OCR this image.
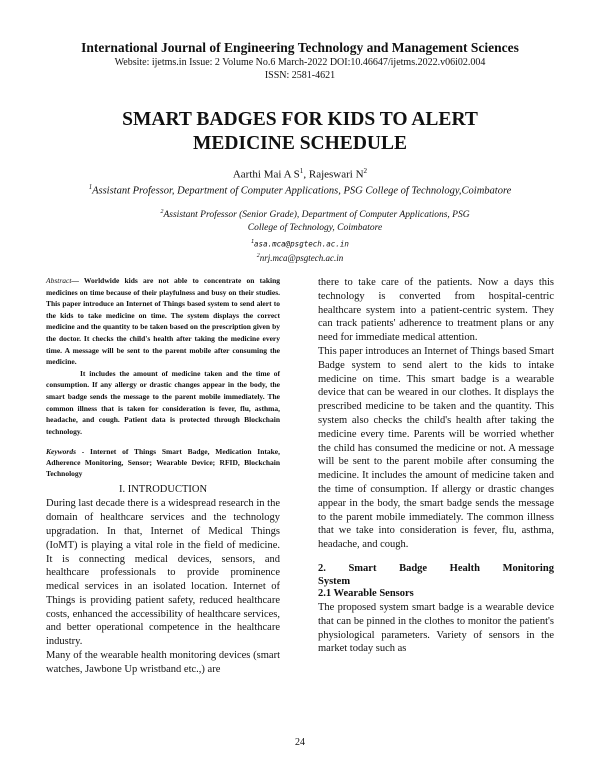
International Journal of Engineering Technology and Management Sciences
Website: ijetms.in Issue: 2 Volume No.6 March-2022 DOI:10.46647/ijetms.2022.v06i02.004
ISSN: 2581-4621
SMART BADGES FOR KIDS TO ALERT
MEDICINE SCHEDULE
Aarthi Mai A $S^1$, Rajeswari $N^2$
$^1$Assistant Professor, Department of Computer Applications, PSG College of Technology,Coimbatore
$^2$Assistant Professor (Senior Grade), Department of Computer Applications, PSG College of Technology, Coimbatore
$^1$asa.mca@psgtech.ac.in
$^2$nrj.mca@psgtech.ac.in

Abstract— Worldwide kids are not able to concentrate on taking medicines on time because of their playfulness and busy on their studies. This paper introduce an Internet of Things based system to send alert to the kids to take medicine on time. The system displays the correct medicine and the quantity to be taken based on the prescription given by the doctor. It checks the child's health after taking the medicine every time. A message will be sent to the parent mobile after consuming the medicine.

It includes the amount of medicine taken and the time of consumption. If any allergy or drastic changes appear in the body, the smart badge sends the message to the parent mobile immediately. The common illness that is taken for consideration is fever, flu, asthma, headache, and cough. Patient data is protected through Blockchain technology.

Keywords - Internet of Things Smart Badge, Medication Intake, Adherence Monitoring, Sensor; Wearable Device; RFID, Blockchain Technology

I. INTRODUCTION

During last decade there is a widespread research in the domain of healthcare services and the technology upgradation. In that, Internet of Medical Things (IoMT) is playing a vital role in the field of medicine. It is connecting medical devices, sensors, and healthcare professionals to provide prominence medical services in an isolated location. Internet of Things is providing patient safety, reduced healthcare costs, enhanced the accessibility of healthcare services, and better operational competence in the healthcare industry.

Many of the wearable health monitoring devices (smart watches, Jawbone Up wristband etc.,) are

there to take care of the patients. Now a days this technology is converted from hospital-centric healthcare system into a patient-centric system. They can track patients' adherence to treatment plans or any need for immediate medical attention.

This paper introduces an Internet of Things based Smart Badge system to send alert to the kids to intake medicine on time. This smart badge is a wearable device that can be weared in our clothes. It displays the prescribed medicine to be taken and the quantity. This system also checks the child's health after taking the medicine every time. Parents will be worried whether the child has consumed the medicine or not. A message will be sent to the parent mobile after consuming the medicine. It includes the amount of medicine taken and the time of consumption. If allergy or drastic changes appear in the body, the smart badge sends the message to the parent mobile immediately. The common illness that we take into consideration is fever, flu, asthma, headache, and cough.

2. Smart Badge Health Monitoring
System
2.1 Wearable Sensors

The proposed system smart badge is a wearable device that can be pinned in the clothes to monitor the patient's physiological parameters. Variety of sensors in the market today such as

24
